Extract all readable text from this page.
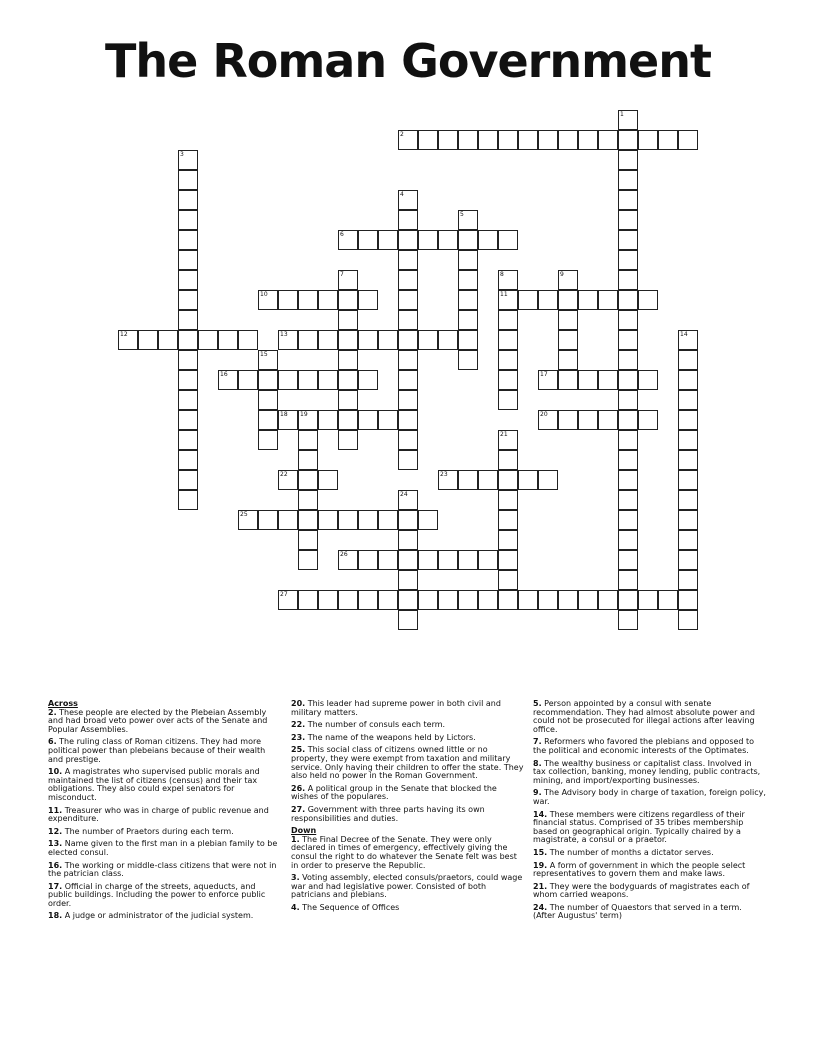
The Roman Government
1
2
3
4
5
6
7	8	9
10	11
12	13	14
15
16	17
18 19	20
21
22	23
24
25
26
27
Across
2. These people are elected by the Plebeian Assembly and had broad veto power over acts of the Senate and Popular Assemblies.
6. The ruling class of Roman citizens. They had more political power than plebeians because of their wealth and prestige.
10. A magistrates who supervised public morals and maintained the list of citizens (census) and their tax obligations. They also could expel senators for misconduct.
11. Treasurer who was in charge of public revenue and expenditure.
12. The number of Praetors during each term.
13. Name given to the first man in a plebian family to be elected consul.
16. The working or middle-class citizens that were not in the patrician class.
17. Official in charge of the streets, aqueducts, and public buildings. Including the power to enforce public order.
18. A judge or administrator of the judicial system.
20. This leader had supreme power in both civil and military matters.
22. The number of consuls each term.
23. The name of the weapons held by Lictors.
25. This social class of citizens owned little or no property, they were exempt from taxation and military service. Only having their children to offer the state. They also held no power in the Roman Government.
26. A political group in the Senate that blocked the wishes of the populares.
27. Government with three parts having its own responsibilities and duties.
Down
1. The Final Decree of the Senate. They were only declared in times of emergency, effectively giving the consul the right to do whatever the Senate felt was best in order to preserve the Republic.
3. Voting assembly, elected consuls/praetors, could wage war and had legislative power. Consisted of both patricians and plebians.
4. The Sequence of Offices
5. Person appointed by a consul with senate recommendation. They had almost absolute power and could not be prosecuted for illegal actions after leaving office.
7. Reformers who favored the plebians and opposed to the political and economic interests of the Optimates.
8. The wealthy business or capitalist class. Involved in tax collection, banking, money lending, public contracts, mining, and import/exporting businesses.
9. The Advisory body in charge of taxation, foreign policy, war.
14. These members were citizens regardless of their financial status. Comprised of 35 tribes membership based on geographical origin. Typically chaired by a magistrate, a consul or a praetor.
15. The number of months a dictator serves.
19. A form of government in which the people select representatives to govern them and make laws.
21. They were the bodyguards of magistrates each of whom carried weapons.
24. The number of Quaestors that served in a term. (After Augustus' term)
